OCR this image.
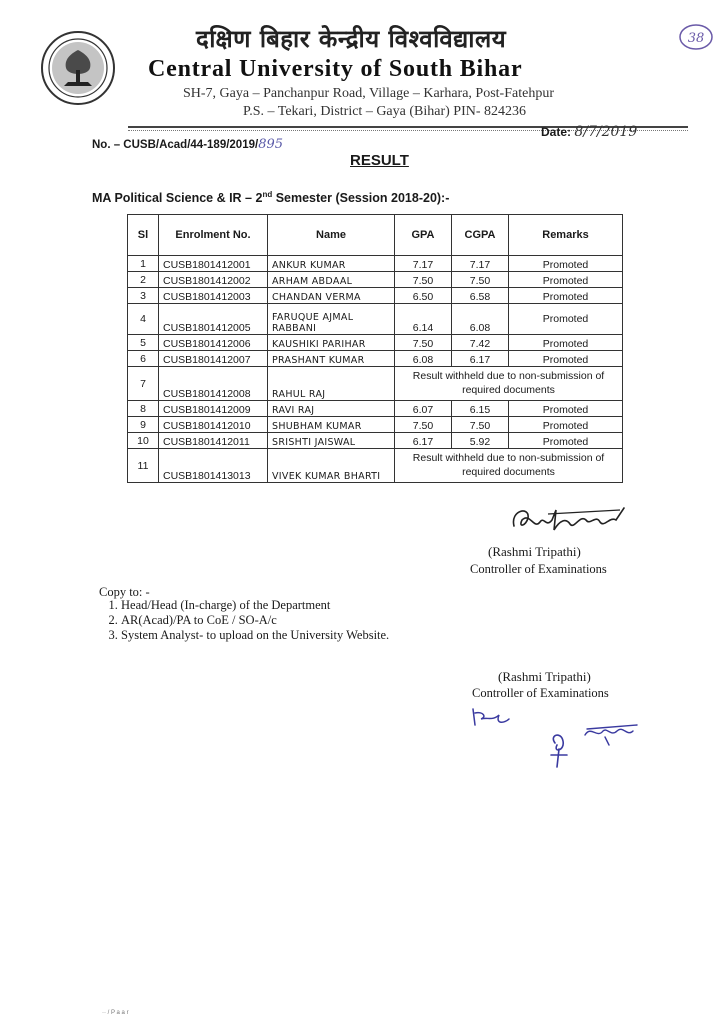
38
दक्षिण बिहार केन्द्रीय विश्वविद्यालय
Central University of South Bihar
SH-7, Gaya – Panchanpur Road, Village – Karhara, Post-Fatehpur
P.S. – Tekari, District – Gaya (Bihar) PIN- 824236
No. – CUSB/Acad/44-189/2019/895
Date: 8/7/2019
RESULT
MA Political Science & IR – 2nd Semester (Session 2018-20):-
Sl	Enrolment No.	Name	GPA	CGPA	Remarks
1	CUSB1801412001	ANKUR KUMAR	7.17	7.17	Promoted
2	CUSB1801412002	ARHAM ABDAAL	7.50	7.50	Promoted
3	CUSB1801412003	CHANDAN VERMA	6.50	6.58	Promoted
4	CUSB1801412005	FARUQUE AJMAL RABBANI	6.14	6.08	Promoted
5	CUSB1801412006	KAUSHIKI PARIHAR	7.50	7.42	Promoted
6	CUSB1801412007	PRASHANT KUMAR	6.08	6.17	Promoted
7	CUSB1801412008	RAHUL RAJ	Result withheld due to non-submission of required documents		
8	CUSB1801412009	RAVI RAJ	6.07	6.15	Promoted
9	CUSB1801412010	SHUBHAM KUMAR	7.50	7.50	Promoted
10	CUSB1801412011	SRISHTI JAISWAL	6.17	5.92	Promoted
11	CUSB1801413013	VIVEK KUMAR BHARTI	Result withheld due to non-submission of required documents		
(Rashmi Tripathi)
Controller of Examinations
Copy to: -
1. Head/Head (In-charge) of the Department
2. AR(Acad)/PA to CoE / SO-A/c
3. System Analyst- to upload on the University Website.
(Rashmi Tripathi)
Controller of Examinations
·· / P a a r
